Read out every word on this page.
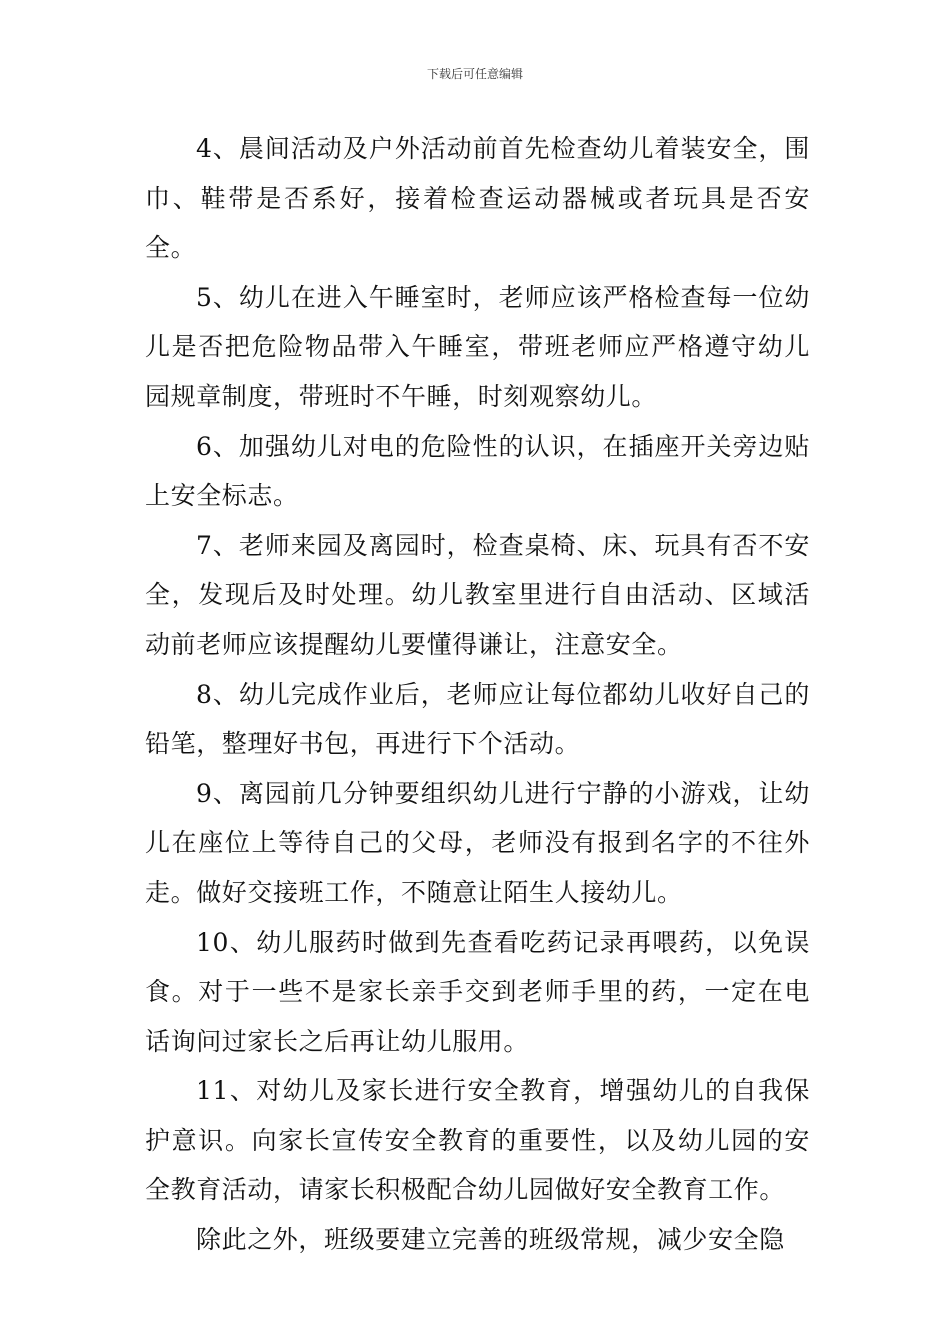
下载后可任意编辑

4、晨间活动及户外活动前首先检查幼儿着装安全，围巾、鞋带是否系好，接着检查运动器械或者玩具是否安全。

5、幼儿在进入午睡室时，老师应该严格检查每一位幼儿是否把危险物品带入午睡室，带班老师应严格遵守幼儿园规章制度，带班时不午睡，时刻观察幼儿。

6、加强幼儿对电的危险性的认识，在插座开关旁边贴上安全标志。

7、老师来园及离园时，检查桌椅、床、玩具有否不安全，发现后及时处理。幼儿教室里进行自由活动、区域活动前老师应该提醒幼儿要懂得谦让，注意安全。

8、幼儿完成作业后，老师应让每位都幼儿收好自己的铅笔，整理好书包，再进行下个活动。

9、离园前几分钟要组织幼儿进行宁静的小游戏，让幼儿在座位上等待自己的父母，老师没有报到名字的不往外走。做好交接班工作，不随意让陌生人接幼儿。

10、幼儿服药时做到先查看吃药记录再喂药，以免误食。对于一些不是家长亲手交到老师手里的药，一定在电话询问过家长之后再让幼儿服用。

11、对幼儿及家长进行安全教育，增强幼儿的自我保护意识。向家长宣传安全教育的重要性，以及幼儿园的安全教育活动，请家长积极配合幼儿园做好安全教育工作。

除此之外，班级要建立完善的班级常规，减少安全隐
